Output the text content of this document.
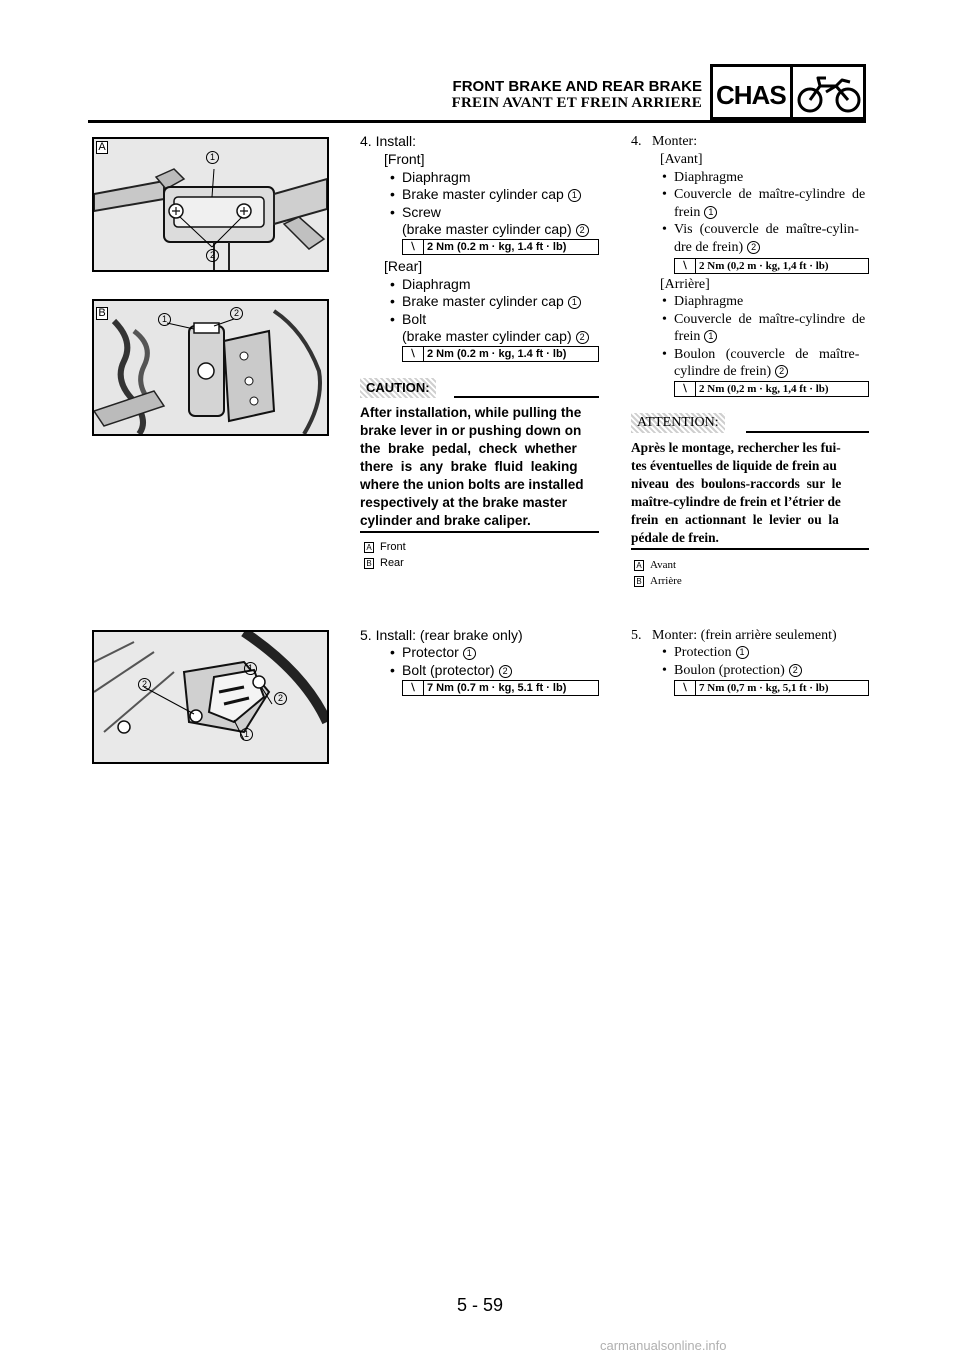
FRONT BRAKE AND REAR BRAKE
FREIN AVANT ET FREIN ARRIERE CHAS
A
1
2
B	1
2
2
1
2
1
4. Install:
[Front]
• Diaphragm
• Brake master cylinder cap 1
• Screw
(brake master cylinder cap) 2
⧵	2 Nm (0.2 m · kg, 1.4 ft · lb)
[Rear]
• Diaphragm
• Brake master cylinder cap 1
• Bolt
(brake master cylinder cap) 2
⧵	2 Nm (0.2 m · kg, 1.4 ft · lb)
CAUTION:
After installation, while pulling the
brake lever in or pushing down on
the  brake  pedal,  check  whether
there  is  any  brake  fluid  leaking
where the union bolts are installed
respectively at the brake master
cylinder and brake caliper.
A Front
B Rear
5. Install: (rear brake only)
• Protector 1
• Bolt (protector) 2
⧵	7 Nm (0.7 m · kg, 5.1 ft · lb)
4.   Monter:
[Avant]
• Diaphragme
• Couvercle  de  maître-cylindre  de
frein 1
• Vis  (couvercle  de  maître-cylin-
dre de frein) 2
⧵	2 Nm (0,2 m · kg, 1,4 ft · lb)
[Arrière]
• Diaphragme
• Couvercle  de  maître-cylindre  de
frein 1
• Boulon   (couvercle   de   maître-
cylindre de frein) 2
⧵	2 Nm (0,2 m · kg, 1,4 ft · lb)
ATTENTION:
Après le montage, rechercher les fui-
tes éventuelles de liquide de frein au
niveau  des  boulons-raccords  sur  le
maître-cylindre de frein et l’étrier de
frein  en  actionnant  le  levier  ou  la
pédale de frein.
A Avant
B Arrière
5.   Monter: (frein arrière seulement)
• Protection 1
• Boulon (protection) 2
⧵	7 Nm (0,7 m · kg, 5,1 ft · lb)
5 - 59
carmanualsonline.info
